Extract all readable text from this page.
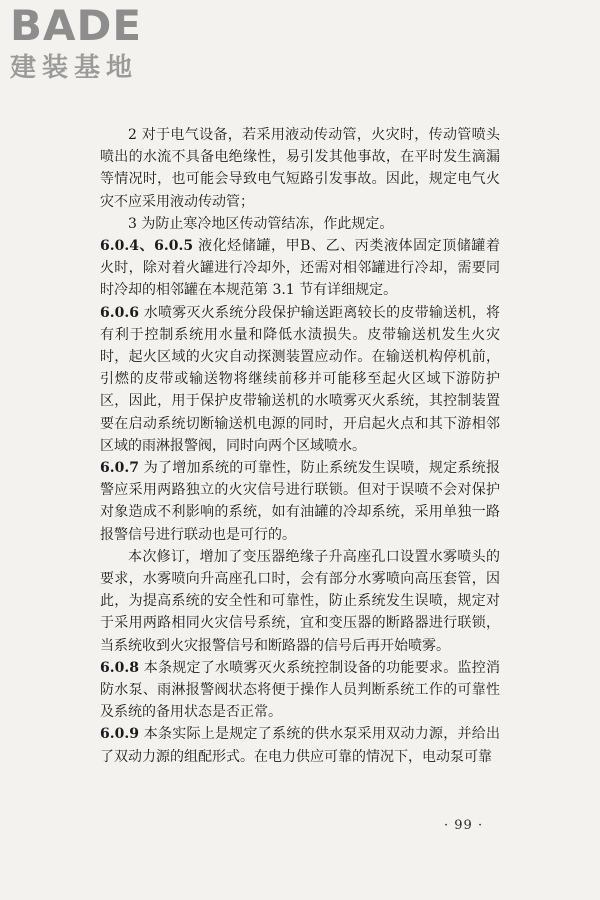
BADE
建装基地

2 对于电气设备，若采用液动传动管，火灾时，传动管喷头喷出的水流不具备电绝缘性，易引发其他事故，在平时发生滴漏等情况时，也可能会导致电气短路引发事故。因此，规定电气火灾不应采用液动传动管；

3 为防止寒冷地区传动管结冻，作此规定。

6.0.4、6.0.5 液化烃储罐，甲B、乙、丙类液体固定顶储罐着火时，除对着火罐进行冷却外，还需对相邻罐进行冷却，需要同时冷却的相邻罐在本规范第 3.1 节有详细规定。

6.0.6 水喷雾灭火系统分段保护输送距离较长的皮带输送机，将有利于控制系统用水量和降低水渍损失。皮带输送机发生火灾时，起火区域的火灾自动探测装置应动作。在输送机构停机前，引燃的皮带或输送物将继续前移并可能移至起火区域下游防护区，因此，用于保护皮带输送机的水喷雾灭火系统，其控制装置要在启动系统切断输送机电源的同时，开启起火点和其下游相邻区域的雨淋报警阀，同时向两个区域喷水。

6.0.7 为了增加系统的可靠性，防止系统发生误喷，规定系统报警应采用两路独立的火灾信号进行联锁。但对于误喷不会对保护对象造成不利影响的系统，如有油罐的冷却系统，采用单独一路报警信号进行联动也是可行的。

本次修订，增加了变压器绝缘子升高座孔口设置水雾喷头的要求，水雾喷向升高座孔口时，会有部分水雾喷向高压套管，因此，为提高系统的安全性和可靠性，防止系统发生误喷，规定对于采用两路相同火灾信号系统，宜和变压器的断路器进行联锁，当系统收到火灾报警信号和断路器的信号后再开始喷雾。

6.0.8 本条规定了水喷雾灭火系统控制设备的功能要求。监控消防水泵、雨淋报警阀状态将便于操作人员判断系统工作的可靠性及系统的备用状态是否正常。

6.0.9 本条实际上是规定了系统的供水泵采用双动力源，并给出了双动力源的组配形式。在电力供应可靠的情况下，电动泵可靠

· 99 ·
